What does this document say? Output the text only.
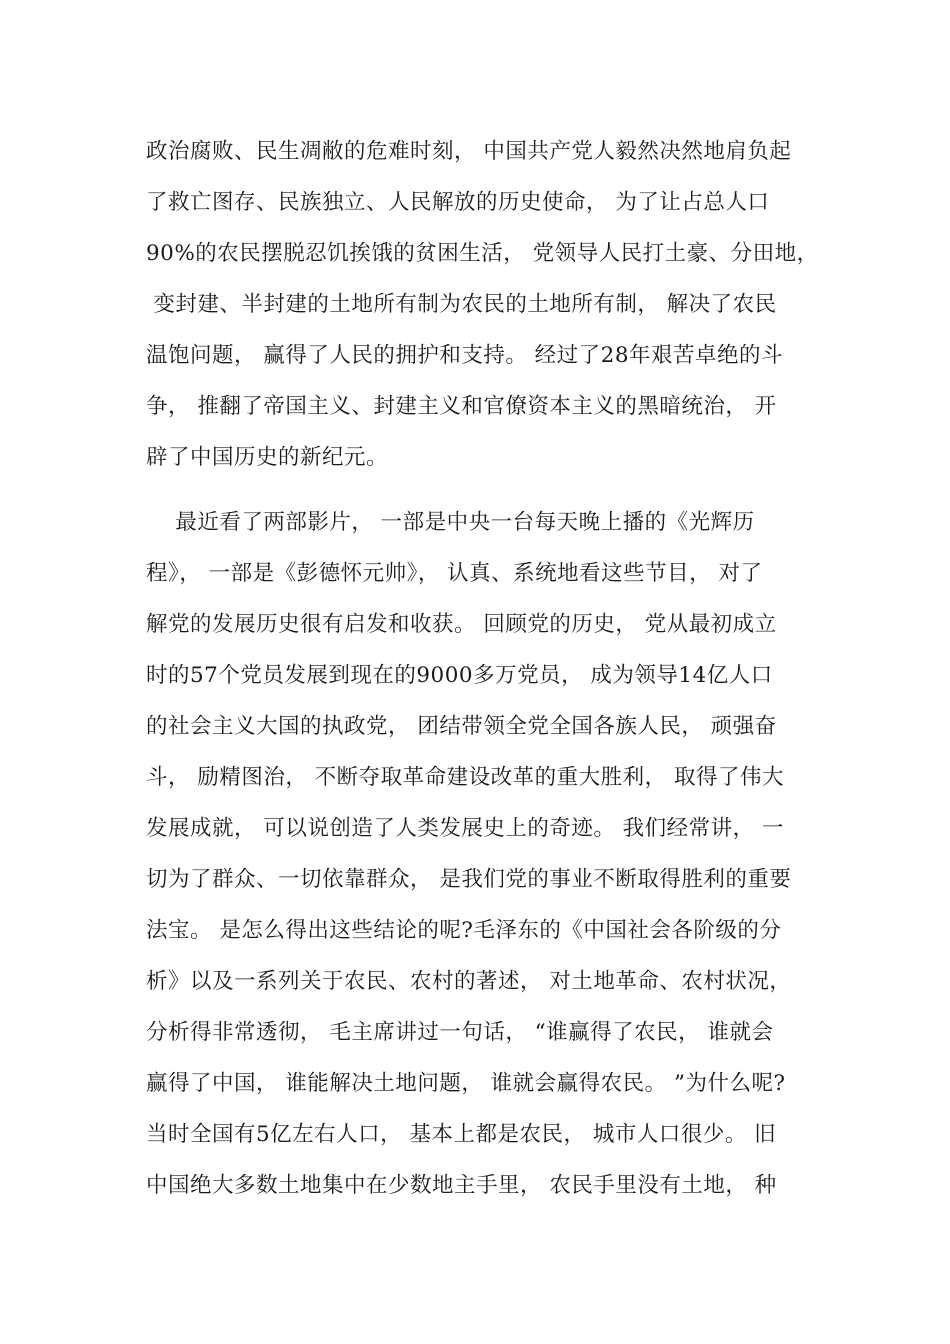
政治腐败、民生凋敝的危难时刻， 中国共产党人毅然决然地肩负起

了救亡图存、民族独立、人民解放的历史使命， 为了让占总人口

90%的农民摆脱忍饥挨饿的贫困生活， 党领导人民打土豪、分田地，

变封建、半封建的土地所有制为农民的土地所有制， 解决了农民

温饱问题， 赢得了人民的拥护和支持。 经过了28年艰苦卓绝的斗

争， 推翻了帝国主义、封建主义和官僚资本主义的黑暗统治， 开

辟了中国历史的新纪元。

最近看了两部影片， 一部是中央一台每天晚上播的《光辉历

程》， 一部是《彭德怀元帅》， 认真、系统地看这些节目， 对了

解党的发展历史很有启发和收获。 回顾党的历史， 党从最初成立

时的57个党员发展到现在的9000多万党员， 成为领导14亿人口

的社会主义大国的执政党， 团结带领全党全国各族人民， 顽强奋

斗， 励精图治， 不断夺取革命建设改革的重大胜利， 取得了伟大

发展成就， 可以说创造了人类发展史上的奇迹。 我们经常讲， 一

切为了群众、一切依靠群众， 是我们党的事业不断取得胜利的重要

法宝。 是怎么得出这些结论的呢?毛泽东的《中国社会各阶级的分

析》以及一系列关于农民、农村的著述， 对土地革命、农村状况，

分析得非常透彻， 毛主席讲过一句话， “谁赢得了农民， 谁就会

赢得了中国， 谁能解决土地问题， 谁就会赢得农民。 ”为什么呢?

当时全国有5亿左右人口， 基本上都是农民， 城市人口很少。 旧

中国绝大多数土地集中在少数地主手里， 农民手里没有土地， 种
